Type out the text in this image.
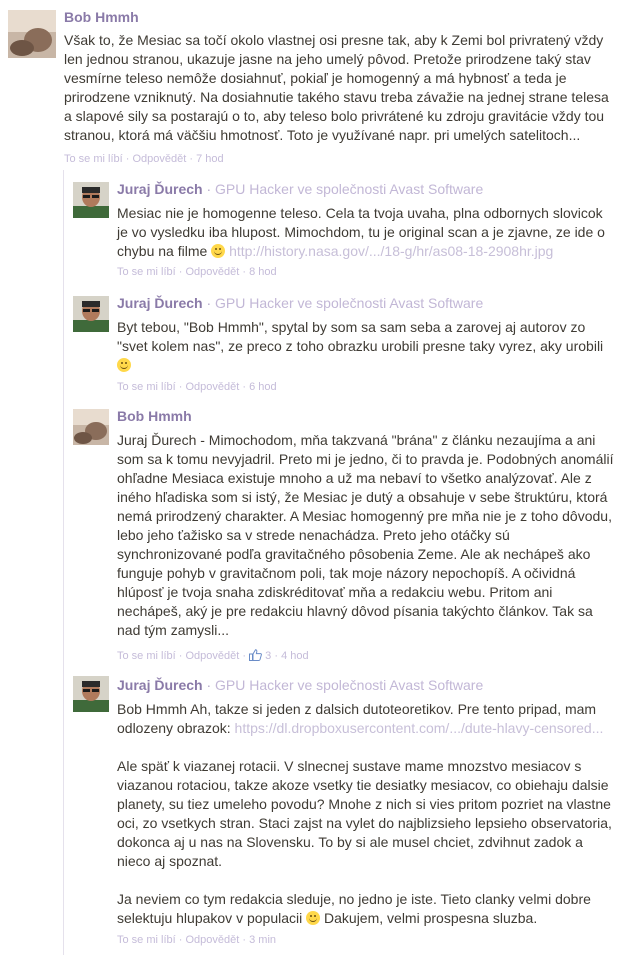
Bob Hmmh

Však to, že Mesiac sa točí okolo vlastnej osi presne tak, aby k Zemi bol privratený vždy len jednou stranou, ukazuje jasne na jeho umelý pôvod. Pretože prirodzene taký stav vesmírne teleso nemôže dosiahnuť, pokiaľ je homogenný a má hybnosť a teda je prirodzene vzniknutý. Na dosiahnutie takého stavu treba závažie na jednej strane telesa a slapové sily sa postarajú o to, aby teleso bolo privrátené ku zdroju gravitácie vždy tou stranou, ktorá má väčšiu hmotnosť. Toto je využívané napr. pri umelých satelitoch...

To se mi líbí · Odpovědět · 7 hod
Juraj Ďurech · GPU Hacker ve společnosti Avast Software
Mesiac nie je homogenne teleso. Cela ta tvoja uvaha, plna odbornych slovicok je vo vysledku iba hlupost. Mimochdom, tu je original scan a je zjavne, ze ide o chybu na filme  http://history.nasa.gov/.../18-g/hr/as08-18-2908hr.jpg
To se mi líbí · Odpovědět · 8 hod
Juraj Ďurech · GPU Hacker ve společnosti Avast Software
Byt tebou, "Bob Hmmh", spytal by som sa sam seba a zarovej aj autorov zo "svet kolem nas", ze preco z toho obrazku urobili presne taky vyrez, aky urobili

To se mi líbí · Odpovědět · 6 hod
Bob Hmmh

Juraj Ďurech - Mimochodom, mňa takzvaná "brána" z článku nezaujíma a ani som sa k tomu nevyjadril. Preto mi je jedno, či to pravda je. Podobných anomálií ohľadne Mesiaca existuje mnoho a už ma nebaví to všetko analýzovať. Ale z iného hľadiska som si istý, že Mesiac je dutý a obsahuje v sebe štruktúru, ktorá nemá prirodzený charakter. A Mesiac homogenný pre mňa nie je z toho dôvodu, lebo jeho ťažisko sa v strede nenachádza. Preto jeho otáčky sú synchronizované podľa gravitačného pôsobenia Zeme. Ale ak nechápeš ako funguje pohyb v gravitačnom poli, tak moje názory nepochopíš. A očividná hlúposť je tvoja snaha zdiskréditovať mňa a redakciu webu. Pritom ani nechápeš, aký je pre redakciu hlavný dôvod písania takýchto článkov. Tak sa nad tým zamysli...

To se mi líbí · Odpovědět · 3 · 4 hod
Juraj Ďurech · GPU Hacker ve společnosti Avast Software

Bob Hmmh Ah, takze si jeden z dalsich dutoteoretikov. Pre tento pripad, mam odlozeny obrazok: https://dl.dropboxusercontent.com/.../dute-hlavy-censored...

Ale späť k viazanej rotacii. V slnecnej sustave mame mnozstvo mesiacov s viazanou rotaciou, takze akoze vsetky tie desiatky mesiacov, co obiehaju dalsie planety, su tiez umeleho povodu? Mnohe z nich si vies pritom pozriet na vlastne oci, zo vsetkych stran. Staci zajst na vylet do najblizsieho lepsieho observatoria, dokonca aj u nas na Slovensku. To by si ale musel chciet, zdvihnut zadok a nieco aj spoznat.

Ja neviem co tym redakcia sleduje, no jedno je iste. Tieto clanky velmi dobre selektuju hlupakov v populacii  Dakujem, velmi prospesna sluzba.

To se mi líbí · Odpovědět · 3 min
